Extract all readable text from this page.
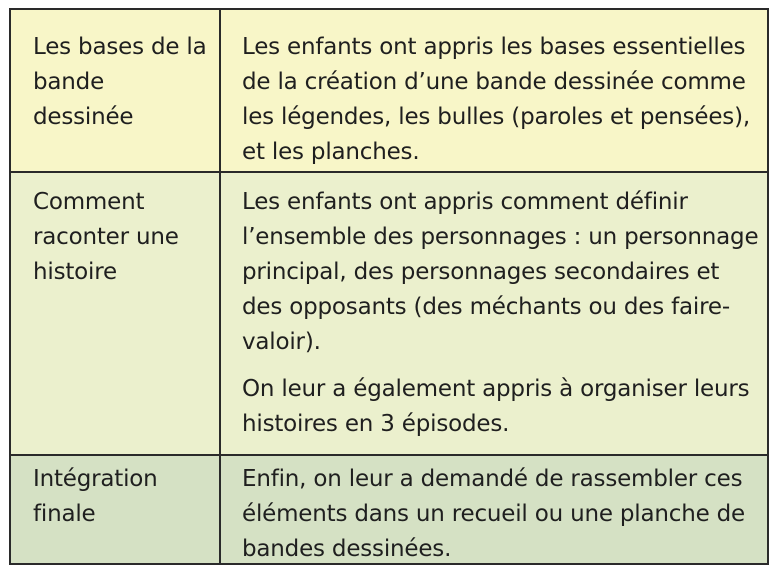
Les bases de la bande dessinée

Les enfants ont appris les bases essentielles de la création d’une bande dessinée comme les légendes, les bulles (paroles et pensées), et les planches.

Comment raconter une histoire

Les enfants ont appris comment définir l’ensemble des personnages : un personnage principal, des personnages secondaires et des opposants (des méchants ou des faire-valoir).

On leur a également appris à organiser leurs histoires en 3 épisodes.

Intégration finale

Enfin, on leur a demandé de rassembler ces éléments dans un recueil ou une planche de bandes dessinées.
